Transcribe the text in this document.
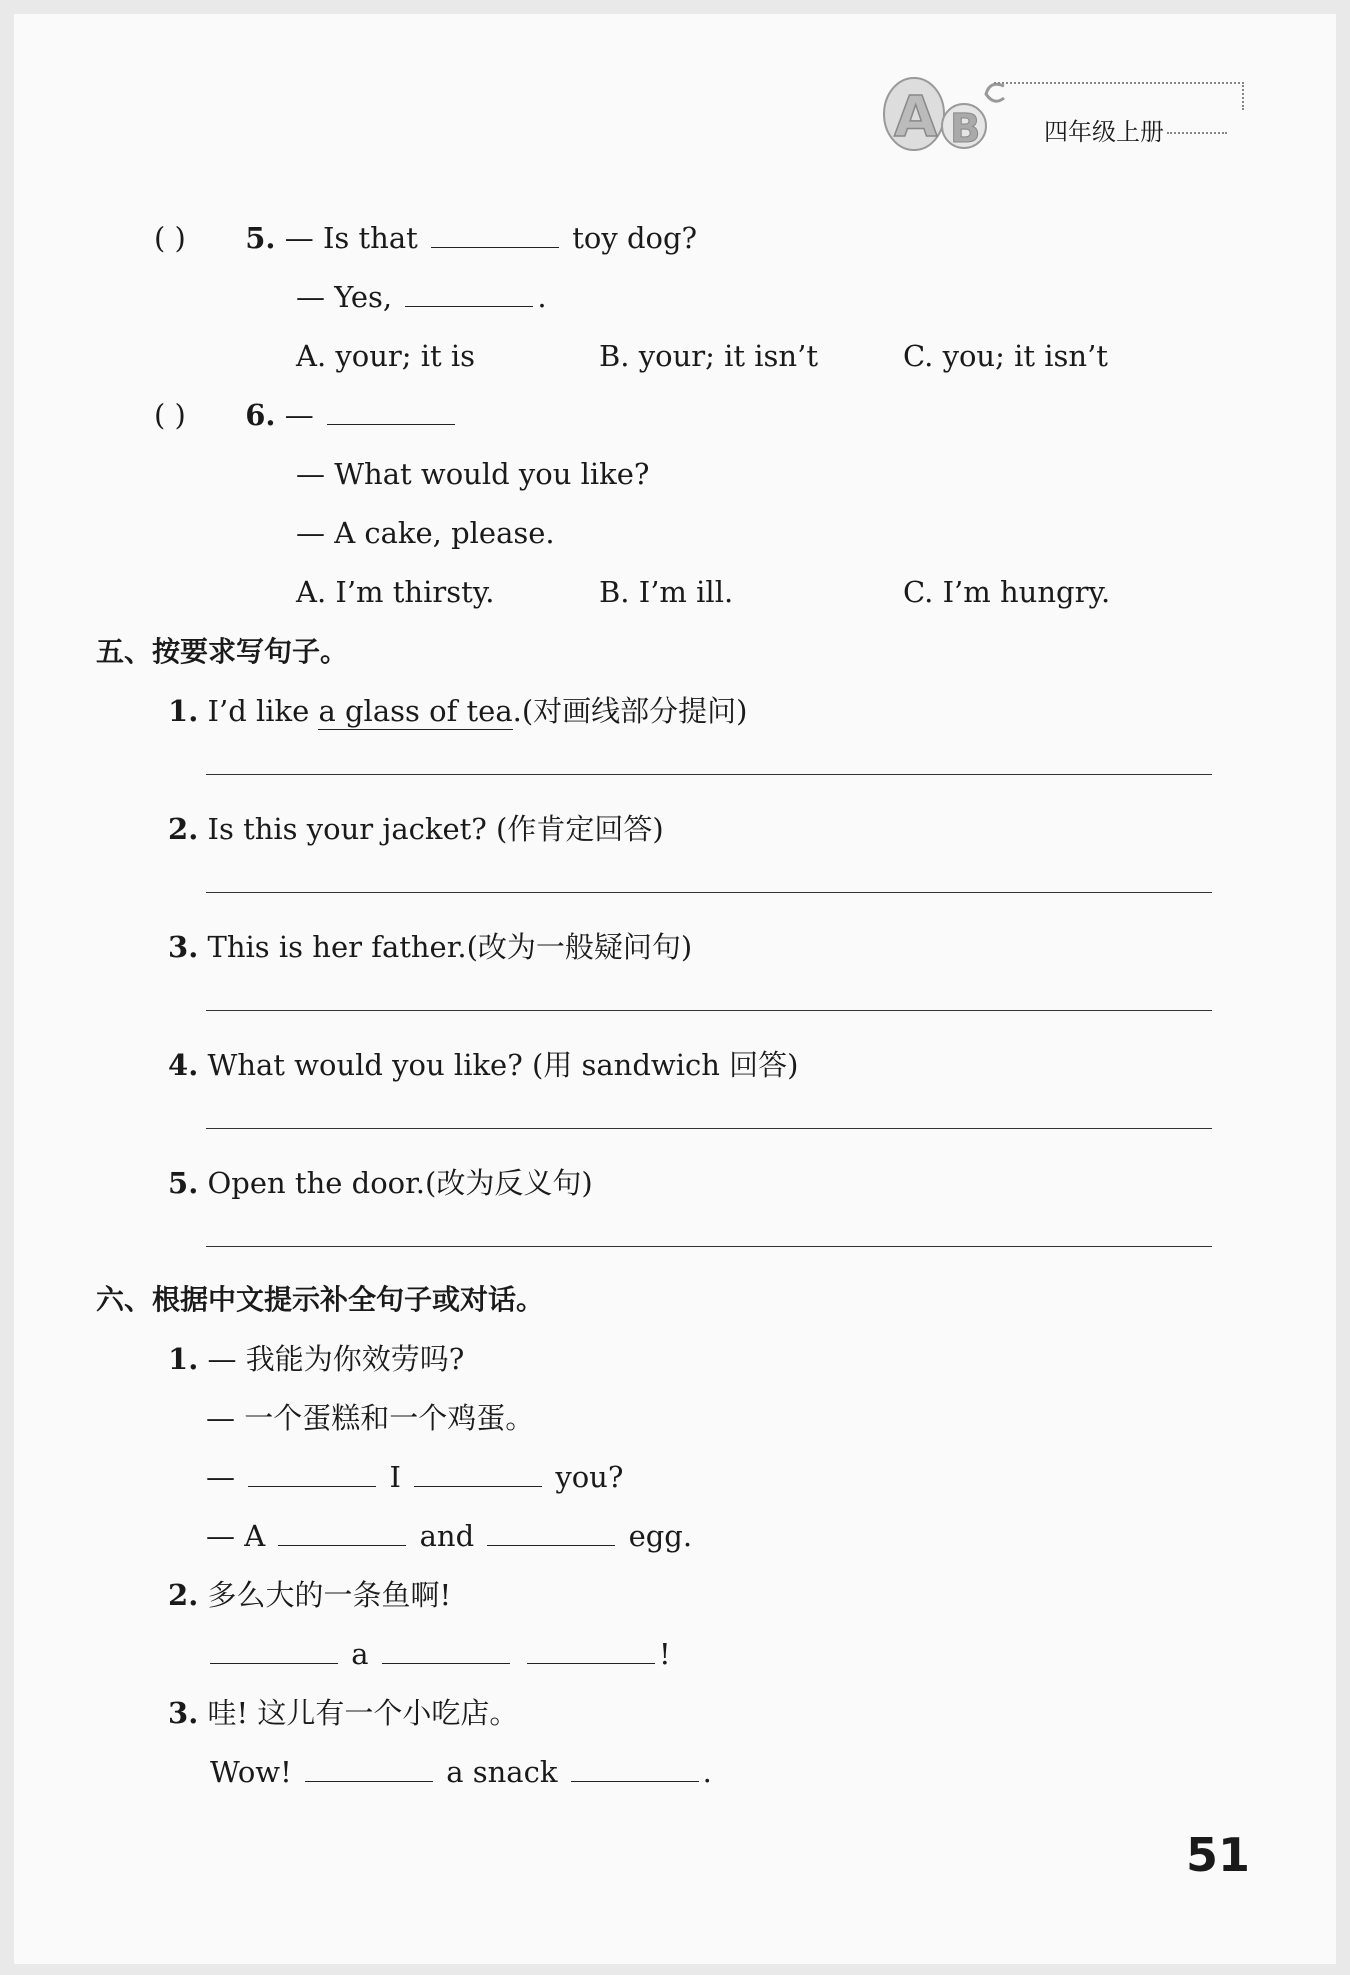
A B	四年级上册
( ) 5. — Is that	toy dog?
— Yes,	.
A. your; it is	B. your; it isn’t	C. you; it isn’t
( ) 6. —
— What would you like?
— A cake, please.
A. I’m thirsty.	B. I’m ill.	C. I’m hungry.
五、按要求写句子。
1. I’d like a glass of tea.(对画线部分提问)
2. Is this your jacket? (作肯定回答)
3. This is her father.(改为一般疑问句)
4. What would you like? (用 sandwich 回答)
5. Open the door.(改为反义句)
六、根据中文提示补全句子或对话。
1. — 我能为你效劳吗?
— 一个蛋糕和一个鸡蛋。
—	I	you?
— A	and	egg.
2. 多么大的一条鱼啊!
a	!
3. 哇! 这儿有一个小吃店。
Wow!	a snack	.
51
